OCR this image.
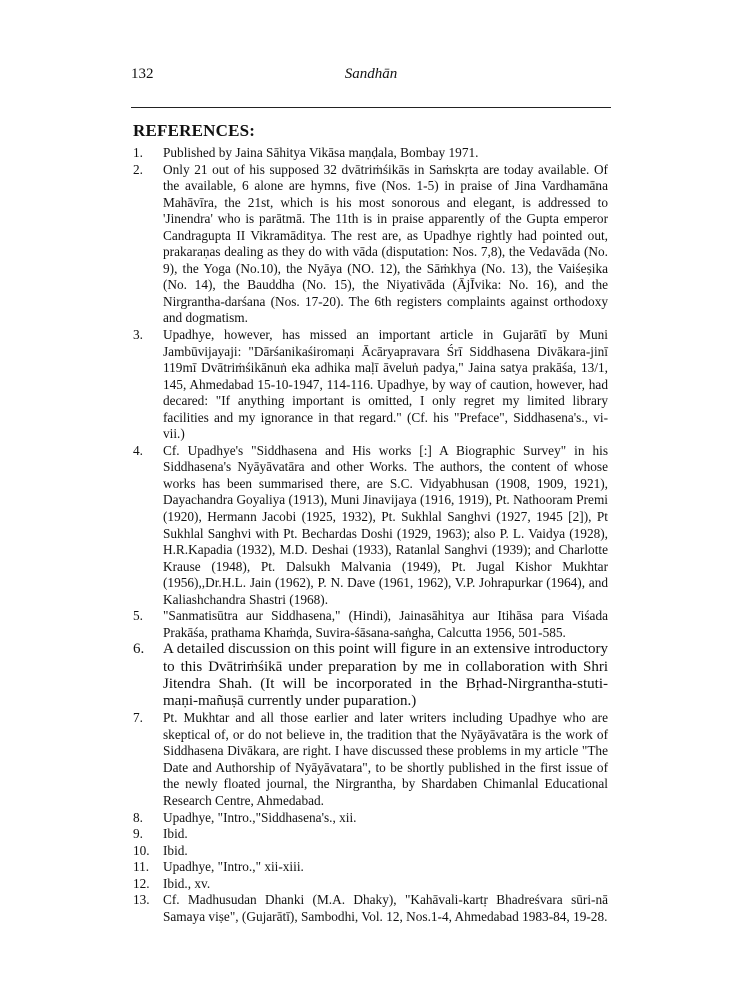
132	Sandhān
REFERENCES:
1.	Published by Jaina Sāhitya Vikāsa maṇḍala, Bombay 1971.
2.	Only 21 out of his supposed 32 dvātriṁśikās in Saṁskṛta are today available. Of the available, 6 alone are hymns, five (Nos. 1-5) in praise of Jina Vardhamāna Mahāvīra, the 21st, which is his most sonorous and elegant, is addressed to 'Jinendra' who is parātmā. The 11th is in praise apparently of the Gupta emperor Candragupta II Vikramāditya. The rest are, as Upadhye rightly had pointed out, prakaraṇas dealing as they do with vāda (disputation: Nos. 7,8), the Vedavāda (No. 9), the Yoga (No.10), the Nyāya (NO. 12), the Sāṁkhya (No. 13), the Vaiśeṣika (No. 14), the Bauddha (No. 15), the Niyativāda (ĀjĪvika: No. 16), and the Nirgrantha-darśana (Nos. 17-20). The 6th registers complaints against orthodoxy and dogmatism.
3.	Upadhye, however, has missed an important article in Gujarātī by Muni Jambūvijayaji: "Dārśanikaśiromaṇi Ācāryapravara Śrī Siddhasena Divākara-jinī 119mī Dvātriṁśikānuṅ eka adhika maḷī āveluṅ padya," Jaina satya prakāśa, 13/1, 145, Ahmedabad 15-10-1947, 114-116. Upadhye, by way of caution, however, had decared: "If anything important is omitted, I only regret my limited library facilities and my ignorance in that regard." (Cf. his "Preface", Siddhasena's., vi-vii.)
4.	Cf. Upadhye's "Siddhasena and His works [:] A Biographic Survey" in his Siddhasena's Nyāyāvatāra and other Works. The authors, the content of whose works has been summarised there, are S.C. Vidyabhusan (1908, 1909, 1921), Dayachandra Goyaliya (1913), Muni Jinavijaya (1916, 1919), Pt. Nathooram Premi (1920), Hermann Jacobi (1925, 1932), Pt. Sukhlal Sanghvi (1927, 1945 [2]), Pt Sukhlal Sanghvi with Pt. Bechardas Doshi (1929, 1963); also P. L. Vaidya (1928), H.R.Kapadia (1932), M.D. Deshai (1933), Ratanlal Sanghvi (1939); and Charlotte Krause (1948), Pt. Dalsukh Malvania (1949), Pt. Jugal Kishor Mukhtar (1956),,Dr.H.L. Jain (1962), P. N. Dave (1961, 1962), V.P. Johrapurkar (1964), and Kaliashchandra Shastri (1968).
5.	"Sanmatisūtra aur Siddhasena," (Hindi), Jainasāhitya aur Itihāsa para Viśada Prakāśa, prathama Khaṁḍa, Suvira-śāsana-saṅgha, Calcutta 1956, 501-585.
6.	A detailed discussion on this point will figure in an extensive introductory to this Dvātriṁśikā under preparation by me in collaboration with Shri Jitendra Shah. (It will be incorporated in the Bṛhad-Nirgrantha-stuti-maṇi-mañuṣā currently under puparation.)
7.	Pt. Mukhtar and all those earlier and later writers including Upadhye who are skeptical of, or do not believe in, the tradition that the Nyāyāvatāra is the work of Siddhasena Divākara, are right. I have discussed these problems in my article "The Date and Authorship of Nyāyāvatara", to be shortly published in the first issue of the newly floated journal, the Nirgrantha, by Shardaben Chimanlal Educational Research Centre, Ahmedabad.
8.	Upadhye, "Intro.,"Siddhasena's., xii.
9.	Ibid.
10.	Ibid.
11.	Upadhye, "Intro.," xii-xiii.
12.	Ibid., xv.
13.	Cf. Madhusudan Dhanki (M.A. Dhaky), "Kahāvali-kartṛ Bhadreśvara sūri-nā Samaya viṣe", (Gujarātī), Sambodhi, Vol. 12, Nos.1-4, Ahmedabad 1983-84, 19-28.
